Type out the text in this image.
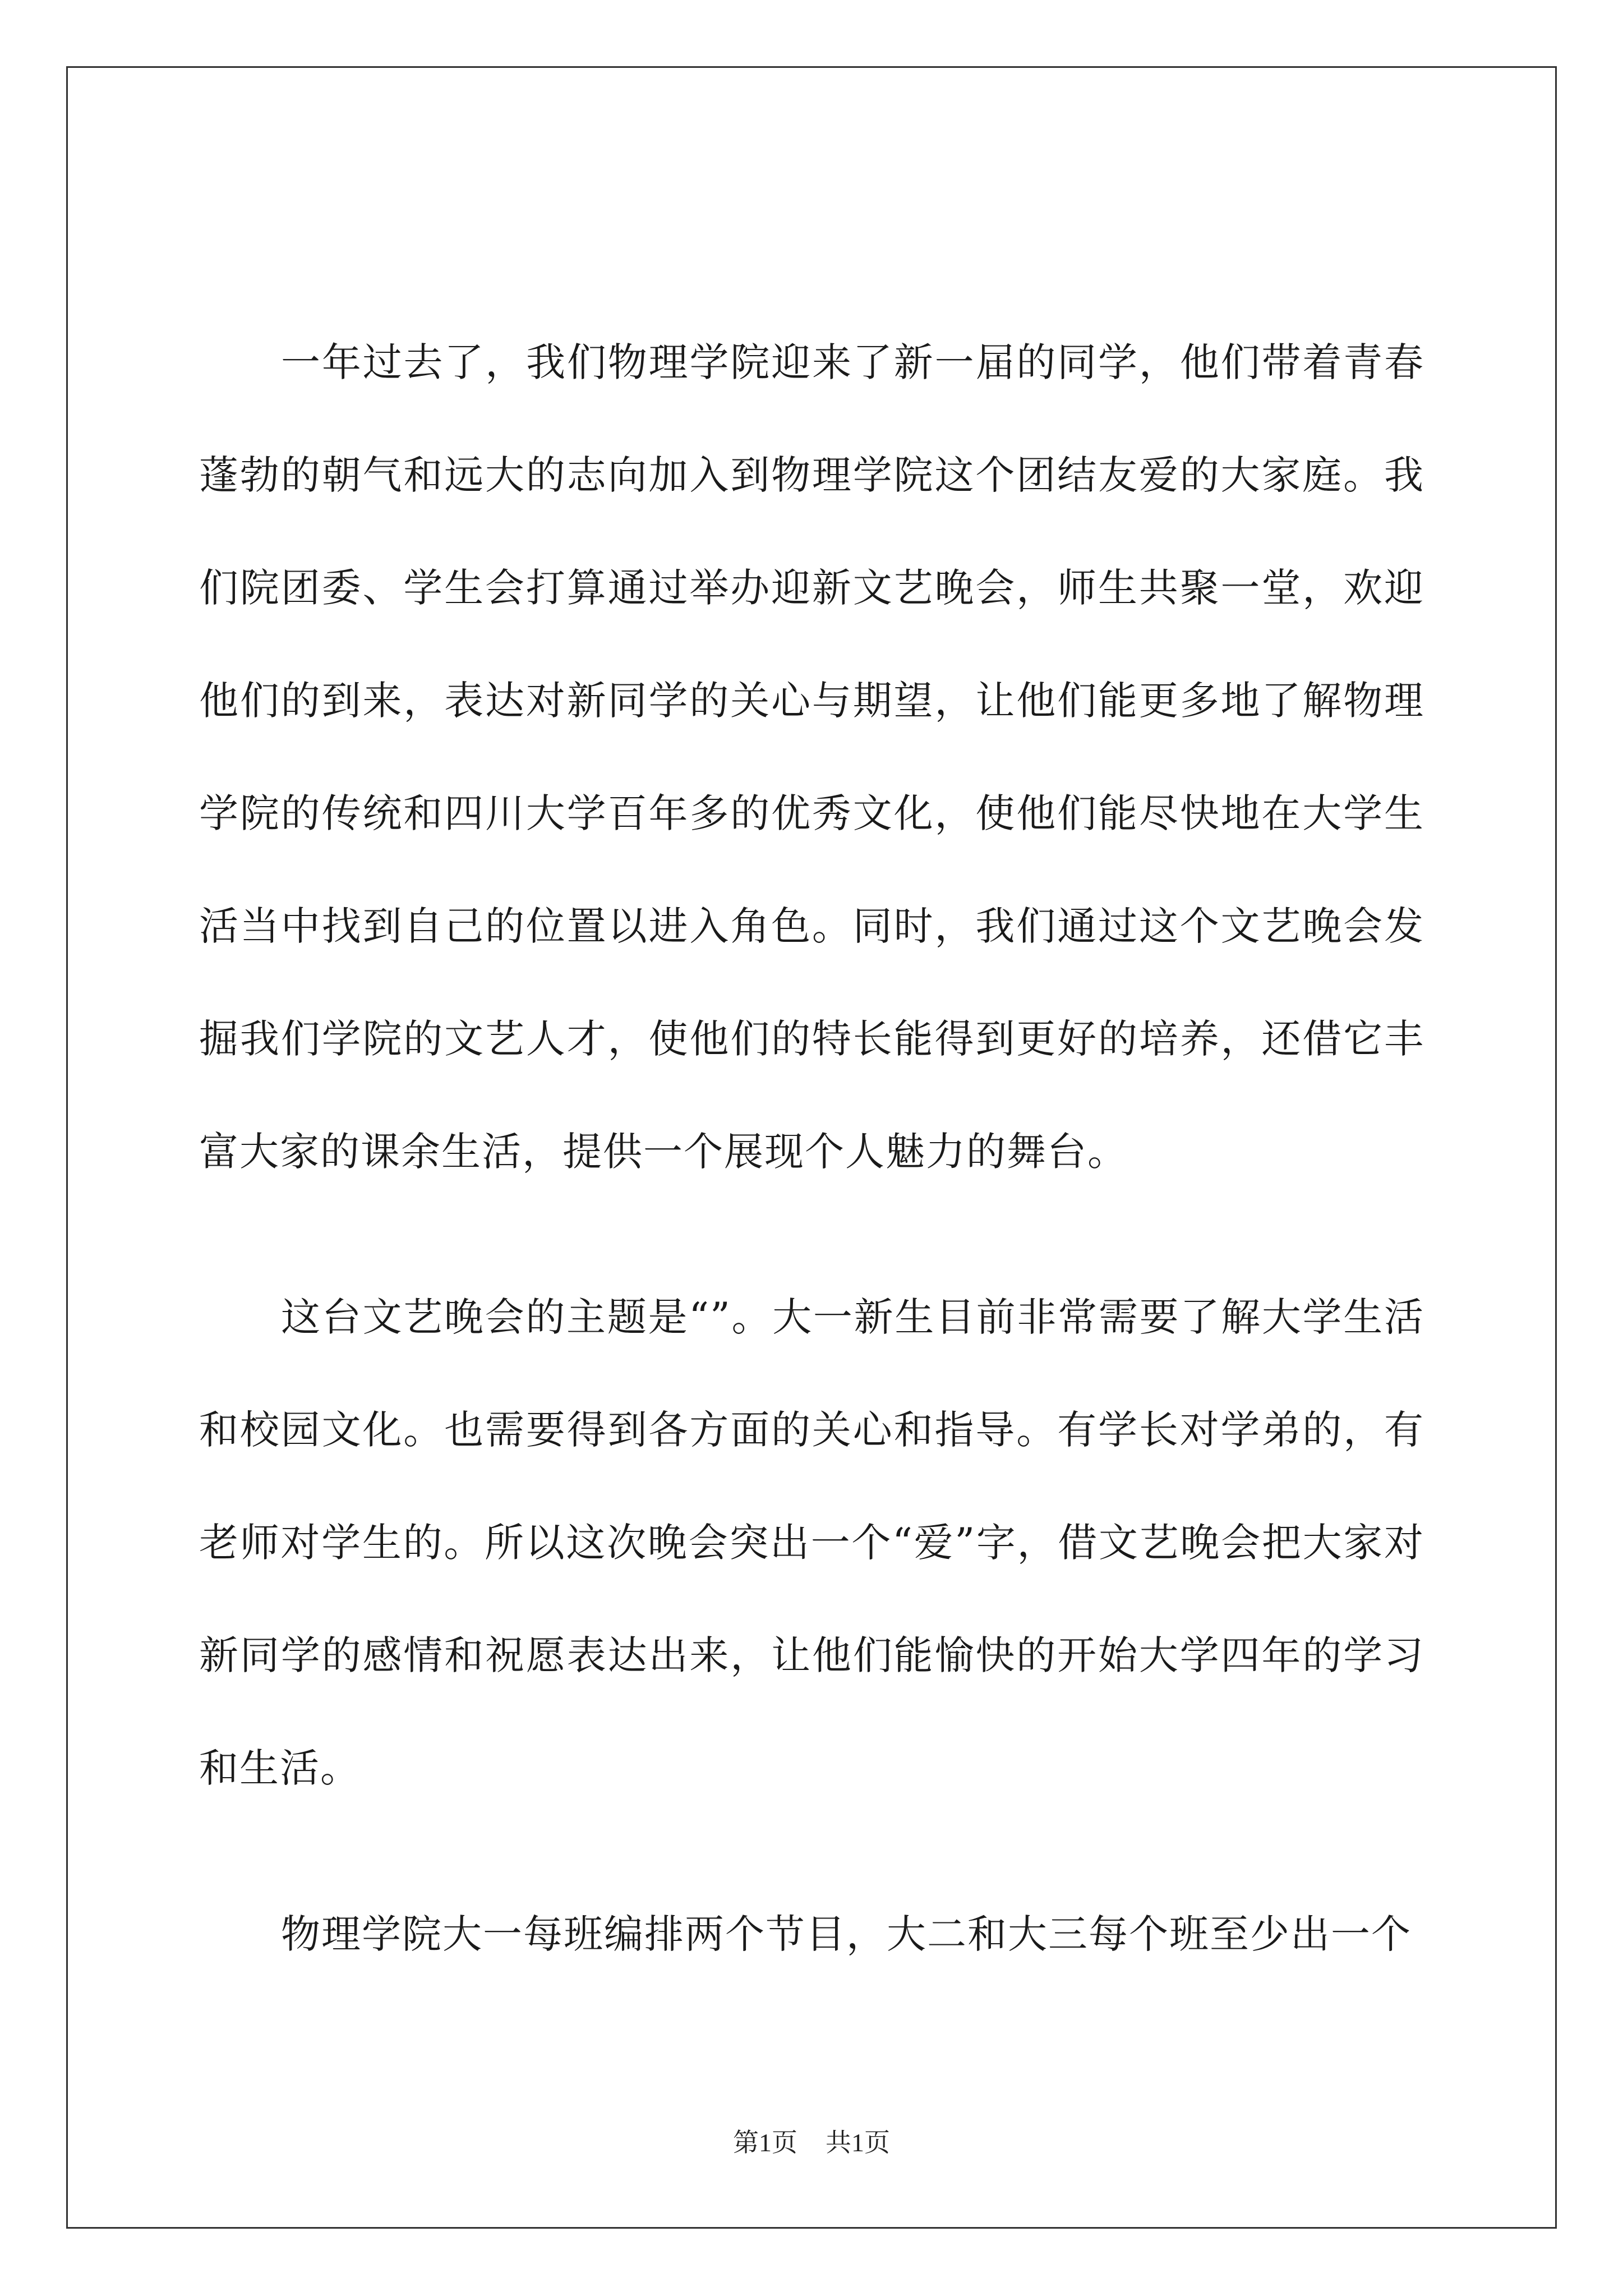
一年过去了，我们物理学院迎来了新一届的同学，他们带着青春蓬勃的朝气和远大的志向加入到物理学院这个团结友爱的大家庭。我们院团委、学生会打算通过举办迎新文艺晚会，师生共聚一堂，欢迎他们的到来，表达对新同学的关心与期望，让他们能更多地了解物理学院的传统和四川大学百年多的优秀文化，使他们能尽快地在大学生活当中找到自己的位置以进入角色。同时，我们通过这个文艺晚会发掘我们学院的文艺人才，使他们的特长能得到更好的培养，还借它丰富大家的课余生活，提供一个展现个人魅力的舞台。

这台文艺晚会的主题是“”。大一新生目前非常需要了解大学生活和校园文化。也需要得到各方面的关心和指导。有学长对学弟的，有老师对学生的。所以这次晚会突出一个“爱”字，借文艺晚会把大家对新同学的感情和祝愿表达出来，让他们能愉快的开始大学四年的学习和生活。

物理学院大一每班编排两个节目，大二和大三每个班至少出一个

第1页 共1页
